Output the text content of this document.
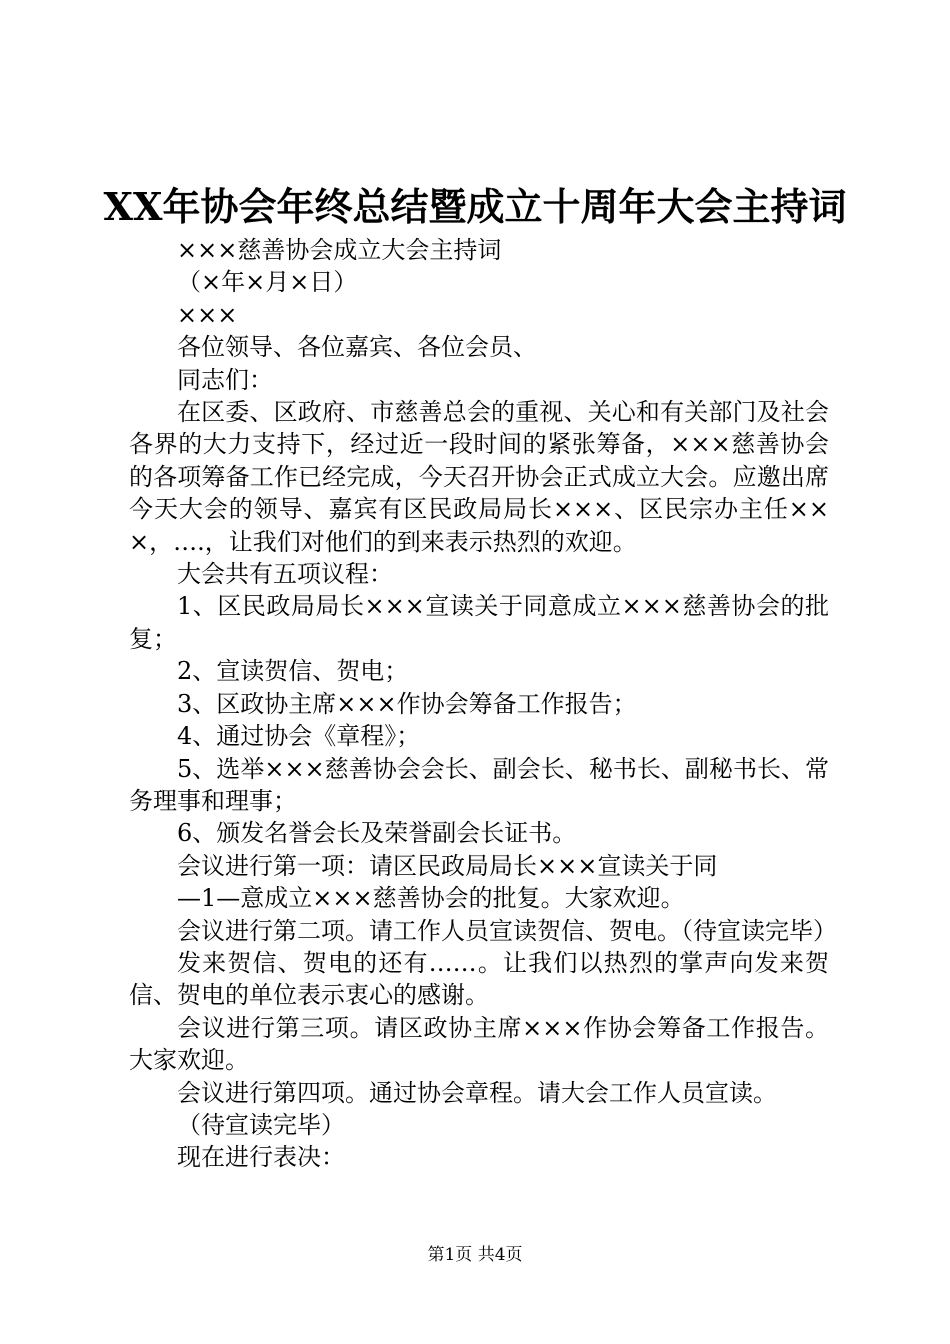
XX年协会年终总结暨成立十周年大会主持词

×××慈善协会成立大会主持词

（×年×月×日）

×××

各位领导、各位嘉宾、各位会员、

同志们：

在区委、区政府、市慈善总会的重视、关心和有关部门及社会各界的大力支持下，经过近一段时间的紧张筹备，×××慈善协会的各项筹备工作已经完成，今天召开协会正式成立大会。应邀出席今天大会的领导、嘉宾有区民政局局长×××、区民宗办主任×××，….，让我们对他们的到来表示热烈的欢迎。

大会共有五项议程：

1、区民政局局长×××宣读关于同意成立×××慈善协会的批复；

2、宣读贺信、贺电；

3、区政协主席×××作协会筹备工作报告；

4、通过协会《章程》；

5、选举×××慈善协会会长、副会长、秘书长、副秘书长、常务理事和理事；

6、颁发名誉会长及荣誉副会长证书。

会议进行第一项：请区民政局局长×××宣读关于同

—1—意成立×××慈善协会的批复。大家欢迎。

会议进行第二项。请工作人员宣读贺信、贺电。（待宣读完毕）

发来贺信、贺电的还有……。让我们以热烈的掌声向发来贺信、贺电的单位表示衷心的感谢。

会议进行第三项。请区政协主席×××作协会筹备工作报告。大家欢迎。

会议进行第四项。通过协会章程。请大会工作人员宣读。

（待宣读完毕）

现在进行表决：

第1页 共4页
